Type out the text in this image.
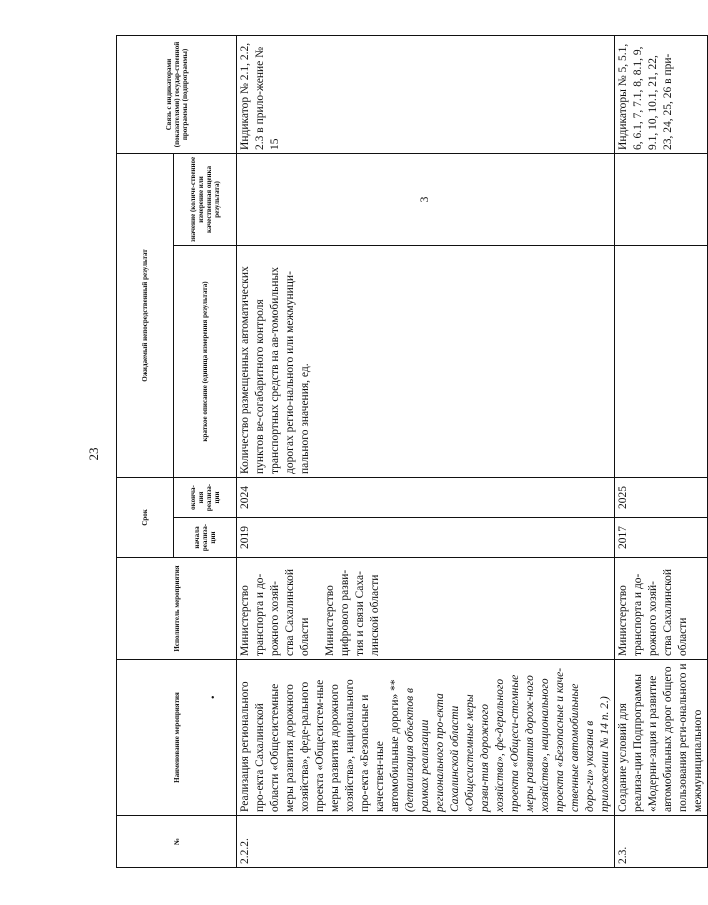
23
№	Наименование мероприятия	Исполнитель мероприятия	Срок		Ожидаемый непосредственный результат		Связь с индикаторами (показателями) государ-ственной программы (подпрограммы)
			начала реализа-ции	оконча-ния реализа-ции	краткое описание (единица измерения результата)	значение (количе-ственное измерение или качественная оценка результата)	
2.2.2.	Реализация регионального про-екта Сахалинской области «Общесистемные меры развития дорожного хозяйства», феде-рального проекта «Общесистем-ные меры развития дорожного хозяйства», национального про-екта «Безопасные и качествен-ные автомобильные дороги» ** (детализация объектов в рамках реализации регионального про-екта Сахалинской области «Общесистемные меры разви-тия дорожного хозяйства», фе-дерального проекта «Общеси-стемные меры развития дорож-ного хозяйства», национального проекта «Безопасные и каче-ственные автомобильные доро-ги» указана в приложении № 14 п. 2.)	Министерство транспорта и до-рожного хозяй-ства Сахалинской области Министерство цифрового разви-тия и связи Саха-линской области	2019	2024	Количество размещенных автоматических пунктов ве-согабаритного контроля транспортных средств на ав-томобильных дорогах регио-нального или межмуници-пального значения, ед.	3	Индикатор № 2.1, 2.2, 2.3 в прило-жение № 15
2.3.	Создание условий для реализа-ции Подпрограммы «Модерни-зация и развитие автомобильных дорог общего пользования реги-онального и межмуниципального	Министерство транспорта и до-рожного хозяй-ства Сахалинской области	2017	2025			Индикаторы № 5, 5.1, 6, 6.1, 7, 7.1, 8, 8.1, 9, 9.1, 10, 10.1, 21, 22, 23, 24, 25, 26 в при-
•
